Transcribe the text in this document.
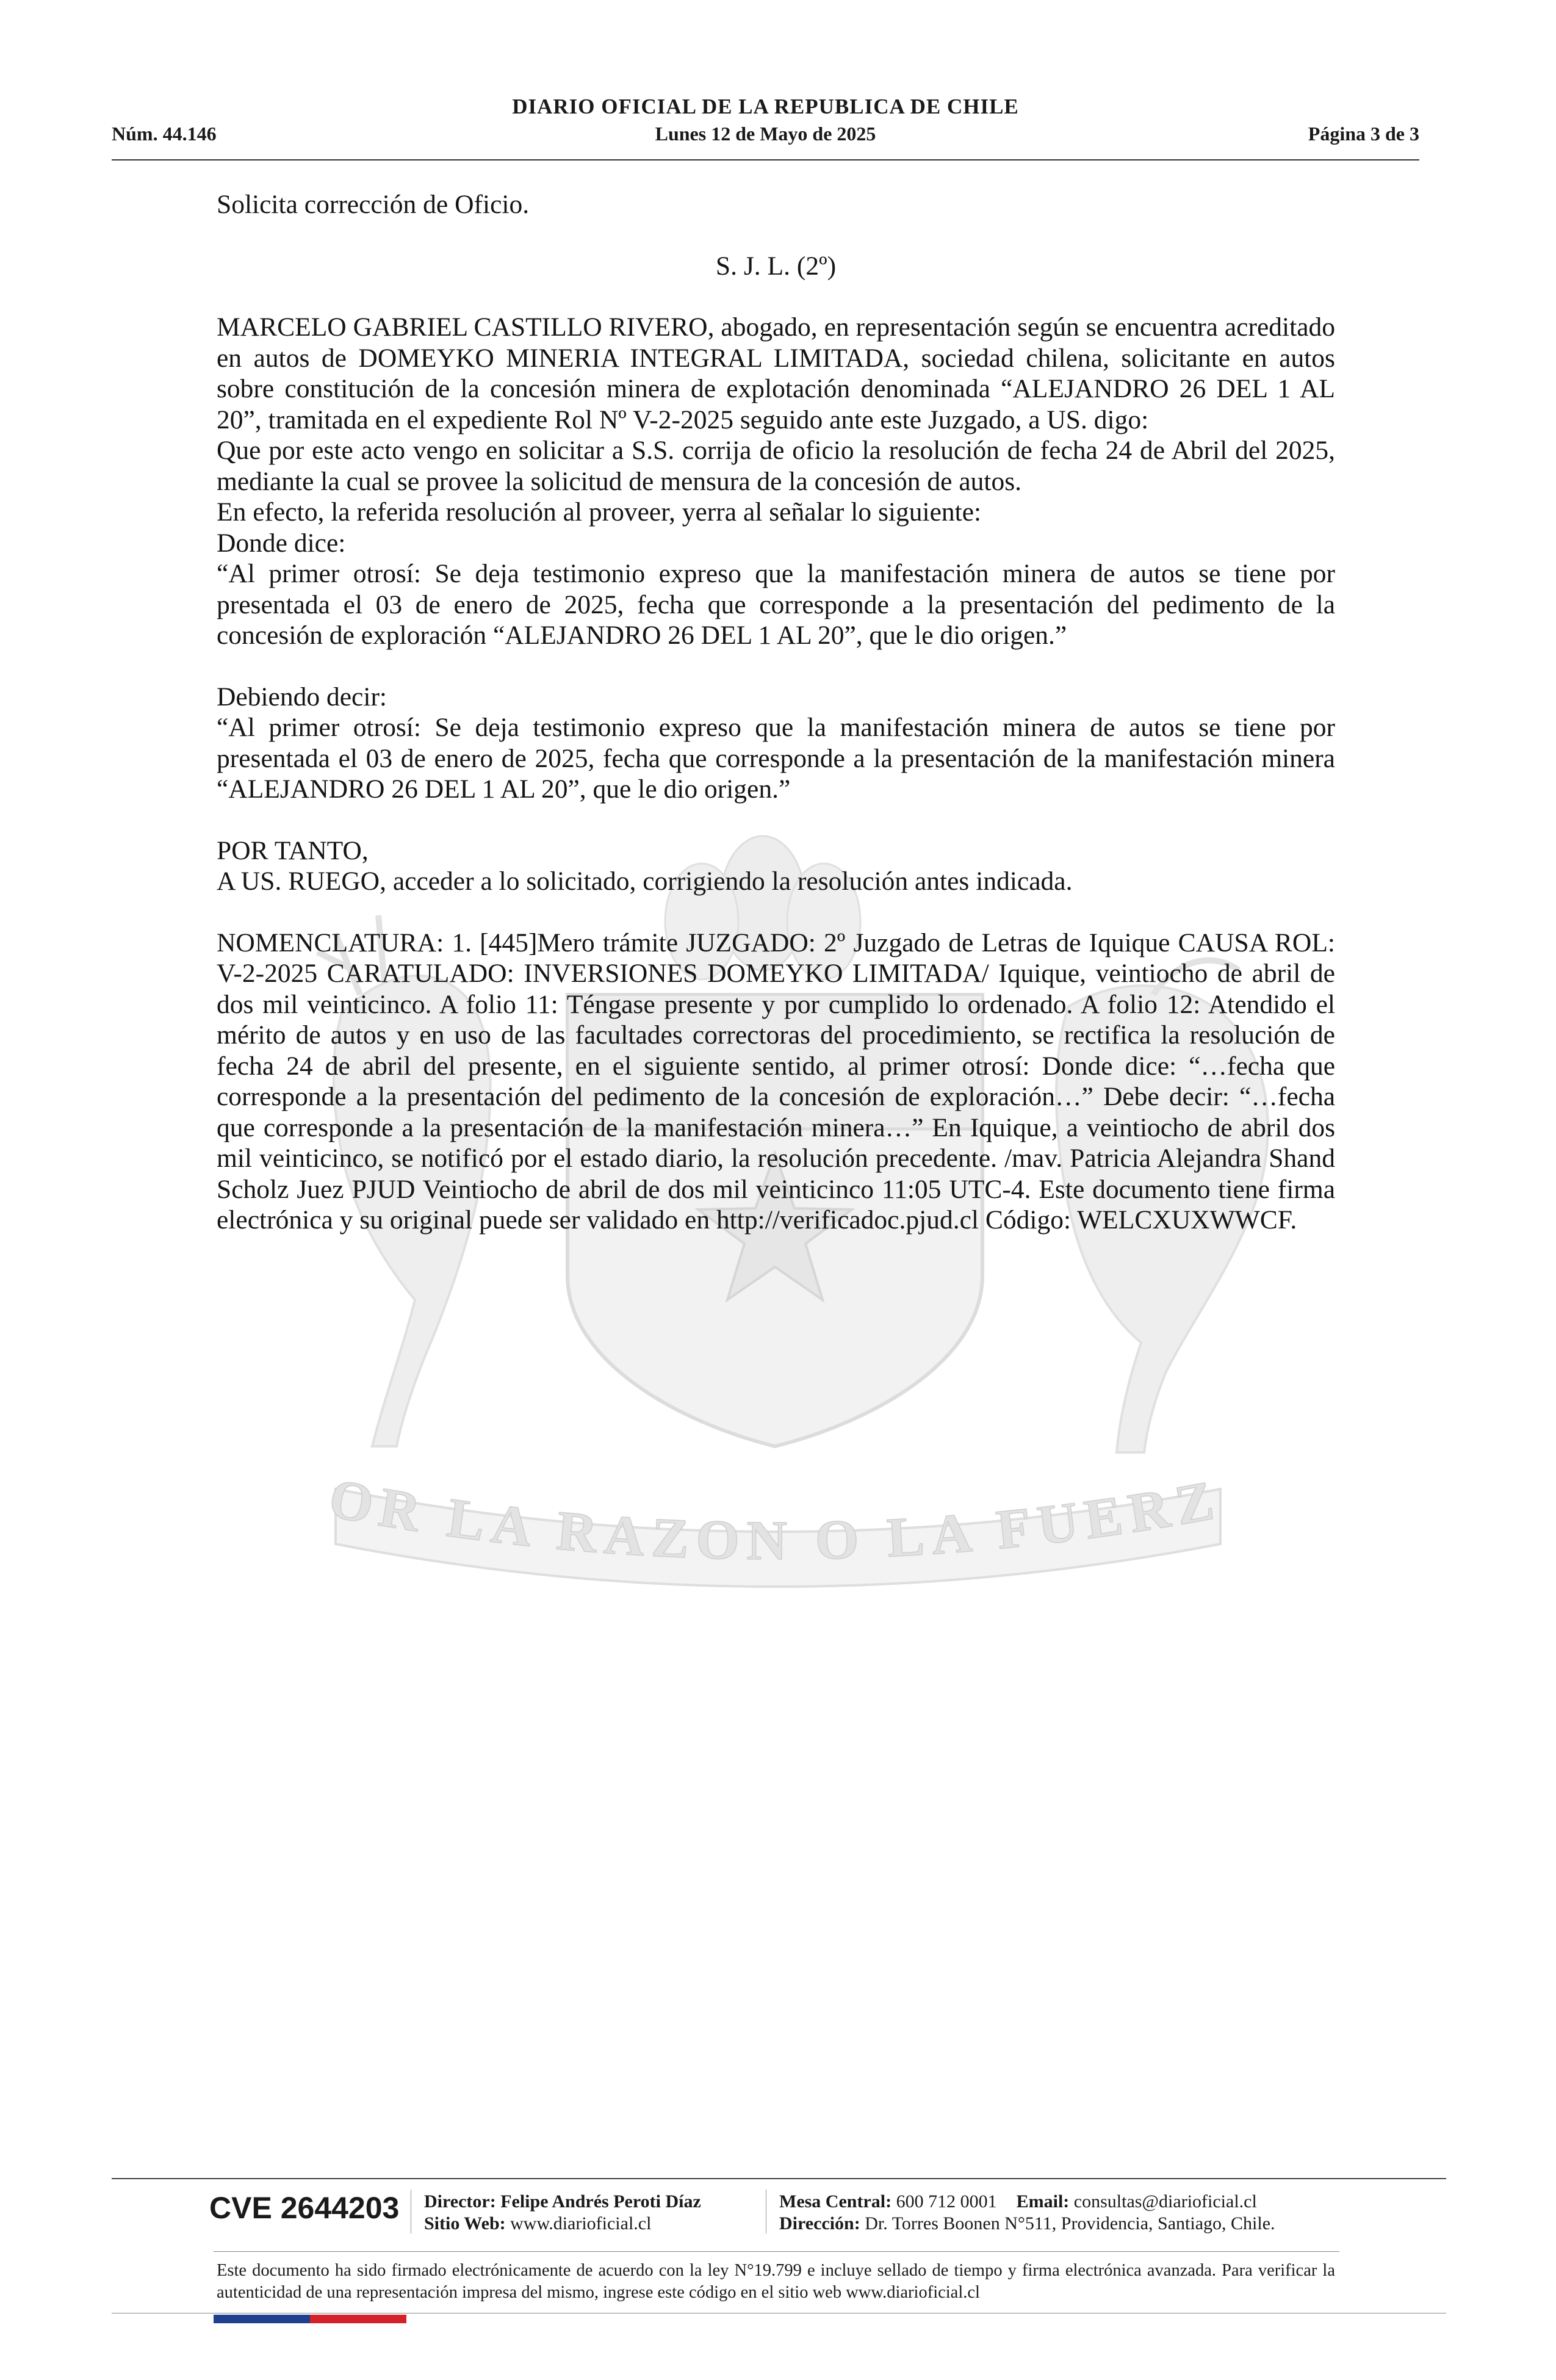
OR LA RAZON O LA FUERZ
DIARIO OFICIAL DE LA REPUBLICA DE CHILE
Núm. 44.146	Lunes 12 de Mayo de 2025	Página 3 de 3

Solicita corrección de Oficio.

S. J. L. (2º)

MARCELO GABRIEL CASTILLO RIVERO, abogado, en representación según se encuentra acreditado en autos de DOMEYKO MINERIA INTEGRAL LIMITADA, sociedad chilena, solicitante en autos sobre constitución de la concesión minera de explotación denominada “ALEJANDRO 26 DEL 1 AL 20”, tramitada en el expediente Rol Nº V-2-2025 seguido ante este Juzgado, a US. digo:

Que por este acto vengo en solicitar a S.S. corrija de oficio la resolución de fecha 24 de Abril del 2025, mediante la cual se provee la solicitud de mensura de la concesión de autos.

En efecto, la referida resolución al proveer, yerra al señalar lo siguiente:

Donde dice:

“Al primer otrosí: Se deja testimonio expreso que la manifestación minera de autos se tiene por presentada el 03 de enero de 2025, fecha que corresponde a la presentación del pedimento de la concesión de exploración “ALEJANDRO 26 DEL 1 AL 20”, que le dio origen.”

Debiendo decir:

“Al primer otrosí: Se deja testimonio expreso que la manifestación minera de autos se tiene por presentada el 03 de enero de 2025, fecha que corresponde a la presentación de la manifestación minera “ALEJANDRO 26 DEL 1 AL 20”, que le dio origen.”

POR TANTO,

A US. RUEGO, acceder a lo solicitado, corrigiendo la resolución antes indicada.

NOMENCLATURA: 1. [445]Mero trámite JUZGADO: 2º Juzgado de Letras de Iquique CAUSA ROL: V-2-2025 CARATULADO: INVERSIONES DOMEYKO LIMITADA/ Iquique, veintiocho de abril de dos mil veinticinco. A folio 11: Téngase presente y por cumplido lo ordenado. A folio 12: Atendido el mérito de autos y en uso de las facultades correctoras del procedimiento, se rectifica la resolución de fecha 24 de abril del presente, en el siguiente sentido, al primer otrosí: Donde dice: “…fecha que corresponde a la presentación del pedimento de la concesión de exploración…” Debe decir: “…fecha que corresponde a la presentación de la manifestación minera…” En Iquique, a veintiocho de abril dos mil veinticinco, se notificó por el estado diario, la resolución precedente. /mav. Patricia Alejandra Shand Scholz Juez PJUD Veintiocho de abril de dos mil veinticinco 11:05 UTC-4. Este documento tiene firma electrónica y su original puede ser validado en http://verificadoc.pjud.cl Código: WELCXUXWWCF.

CVE 2644203 Director: Felipe Andrés Peroti Díaz
Sitio Web: www.diarioficial.cl
Mesa Central: 600 712 0001 Email: consultas@diarioficial.cl
Dirección: Dr. Torres Boonen N°511, Providencia, Santiago, Chile.
Este documento ha sido firmado electrónicamente de acuerdo con la ley N°19.799 e incluye sellado de tiempo y firma electrónica avanzada. Para verificar la autenticidad de una representación impresa del mismo, ingrese este código en el sitio web www.diarioficial.cl
